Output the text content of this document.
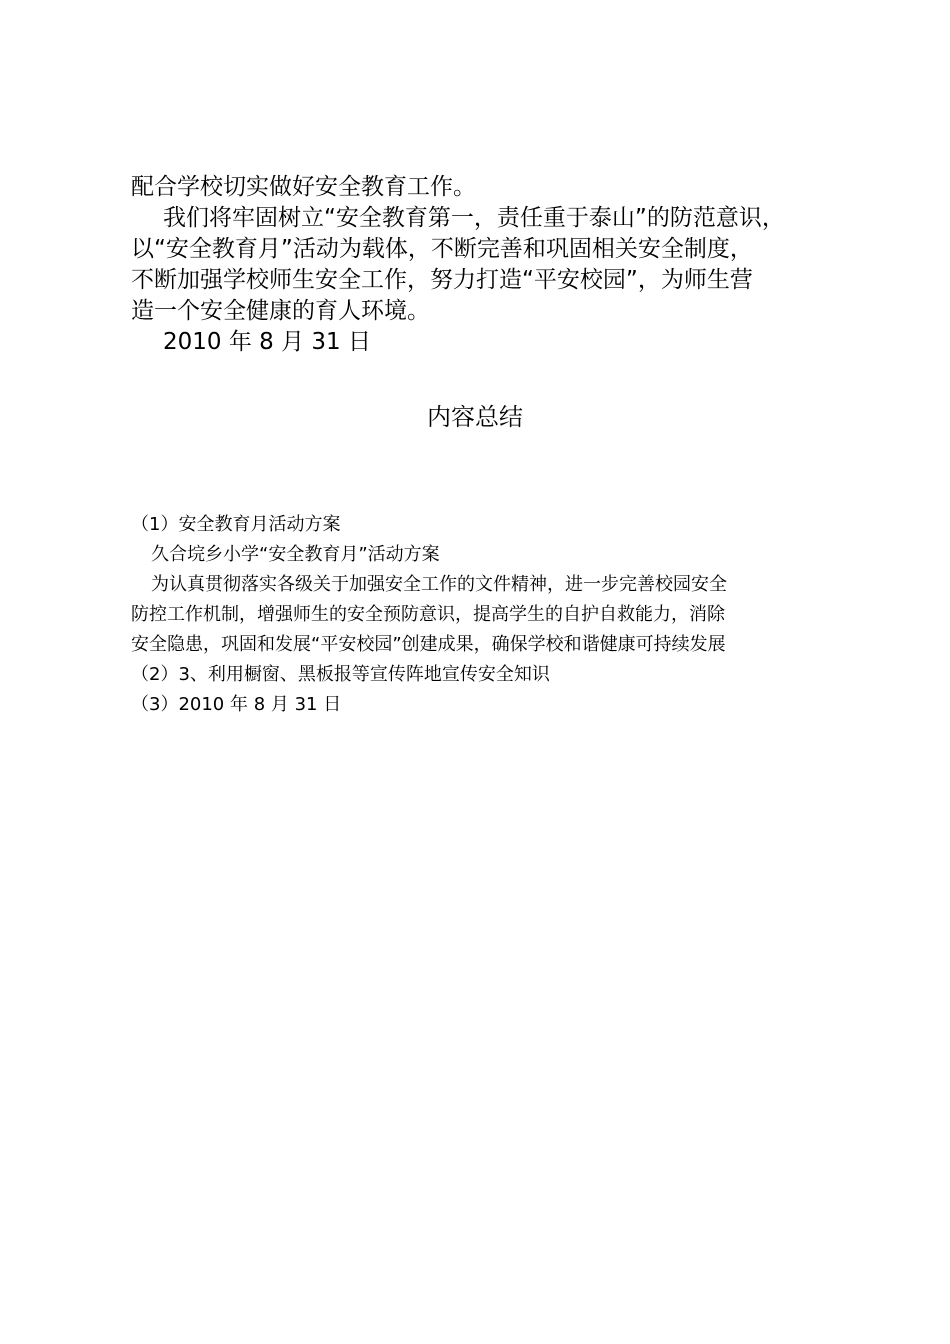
配合学校切实做好安全教育工作。

我们将牢固树立“安全教育第一，责任重于泰山”的防范意识，

以“安全教育月”活动为载体，不断完善和巩固相关安全制度，

不断加强学校师生安全工作，努力打造“平安校园”，为师生营

造一个安全健康的育人环境。

2010 年 8 月 31 日

内容总结

（1）安全教育月活动方案

久合垸乡小学“安全教育月”活动方案

为认真贯彻落实各级关于加强安全工作的文件精神，进一步完善校园安全

防控工作机制，增强师生的安全预防意识，提高学生的自护自救能力，消除

安全隐患，巩固和发展“平安校园”创建成果，确保学校和谐健康可持续发展

（2）3、利用橱窗、黑板报等宣传阵地宣传安全知识

（3）2010 年 8 月 31 日
